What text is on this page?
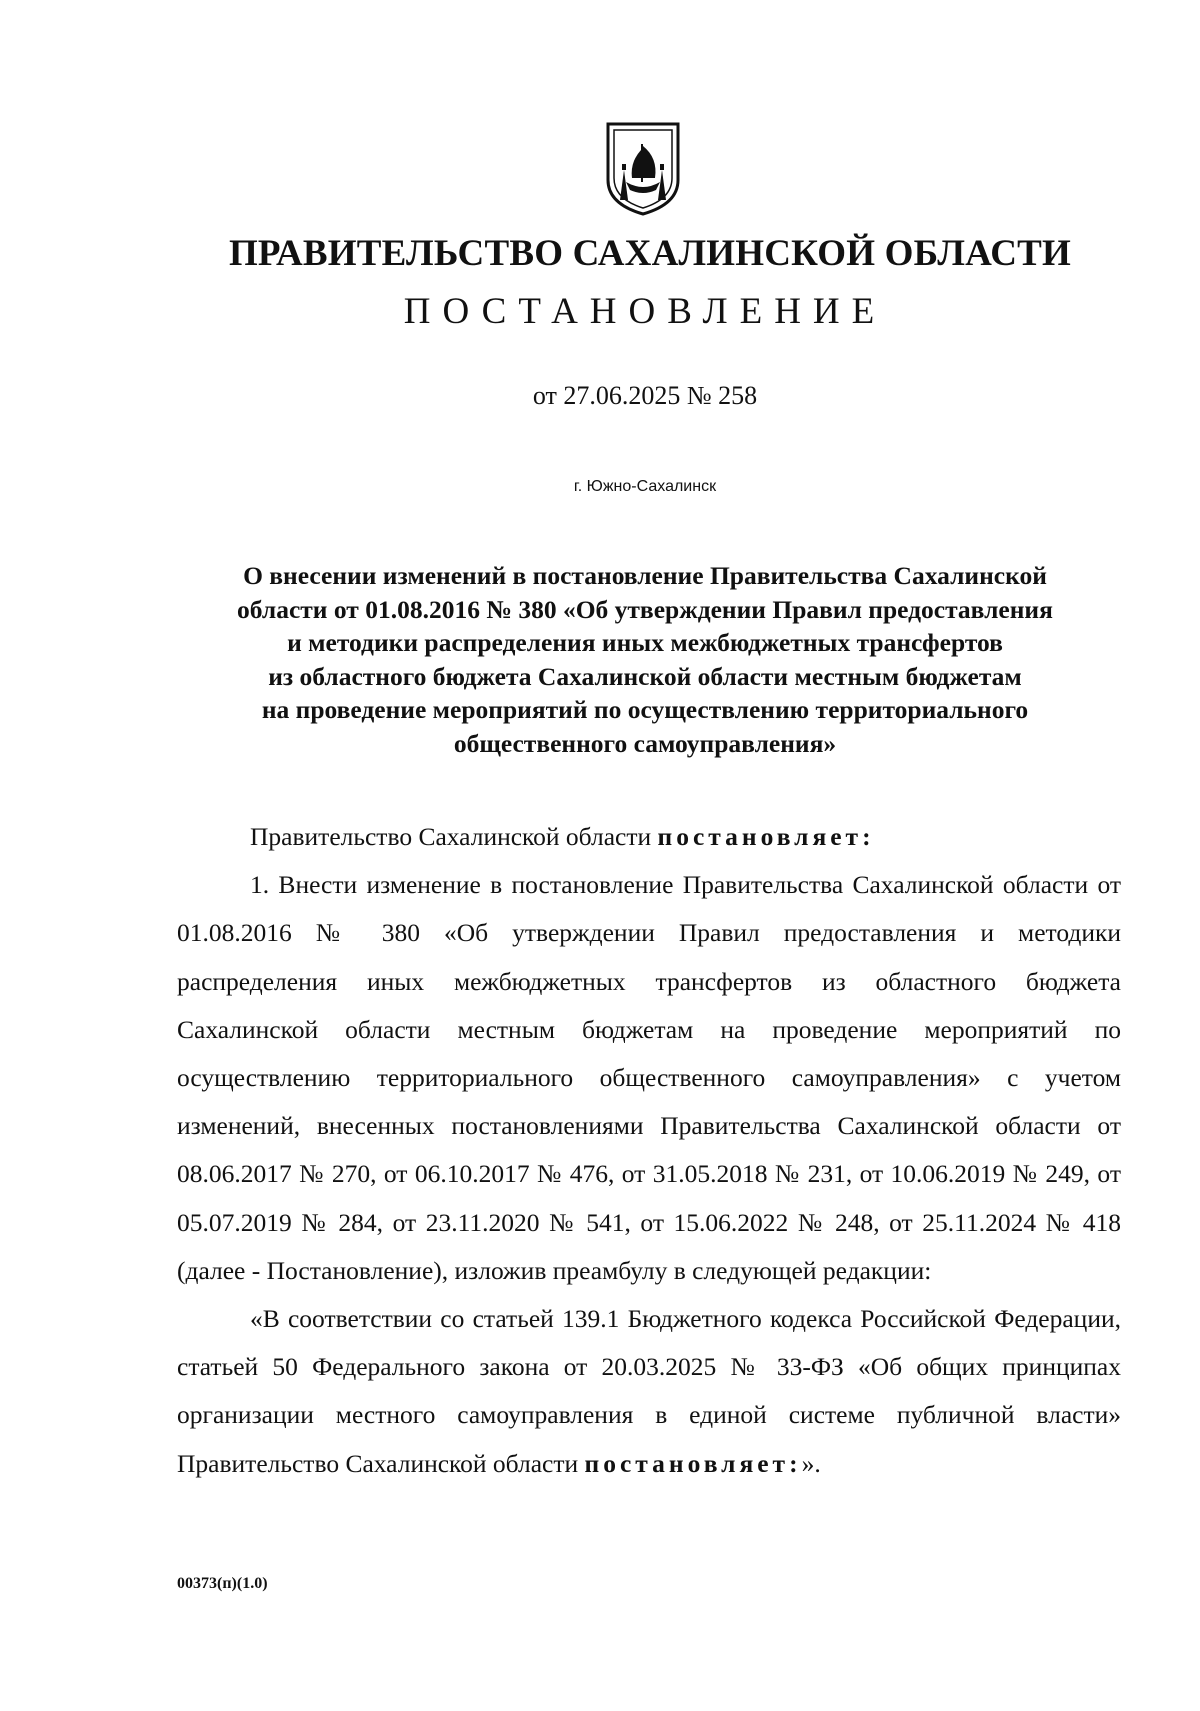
ПРАВИТЕЛЬСТВО САХАЛИНСКОЙ ОБЛАСТИ
ПОСТАНОВЛЕНИЕ
от 27.06.2025 № 258
г. Южно-Сахалинск
О внесении изменений в постановление Правительства Сахалинской
области от 01.08.2016 № 380 «Об утверждении Правил предоставления
и методики распределения иных межбюджетных трансфертов
из областного бюджета Сахалинской области местным бюджетам
на проведение мероприятий по осуществлению территориального
общественного самоуправления»

Правительство Сахалинской области постановляет:

1. Внести изменение в постановление Правительства Сахалинской области от 01.08.2016 № 380 «Об утверждении Правил предоставления и методики распределения иных межбюджетных трансфертов из областного бюджета Сахалинской области местным бюджетам на проведение мероприятий по осуществлению территориального общественного самоуправления» с учетом изменений, внесенных постановлениями Правительства Сахалинской области от 08.06.2017 № 270, от 06.10.2017 № 476, от 31.05.2018 № 231, от 10.06.2019 № 249, от 05.07.2019 № 284, от 23.11.2020 № 541, от 15.06.2022 № 248, от 25.11.2024 № 418 (далее - Постановление), изложив преамбулу в следующей редакции:

«В соответствии со статьей 139.1 Бюджетного кодекса Российской Федерации, статьей 50 Федерального закона от 20.03.2025 № 33-ФЗ «Об общих принципах организации местного самоуправления в единой системе публичной власти» Правительство Сахалинской области постановляет:».

00373(п)(1.0)
